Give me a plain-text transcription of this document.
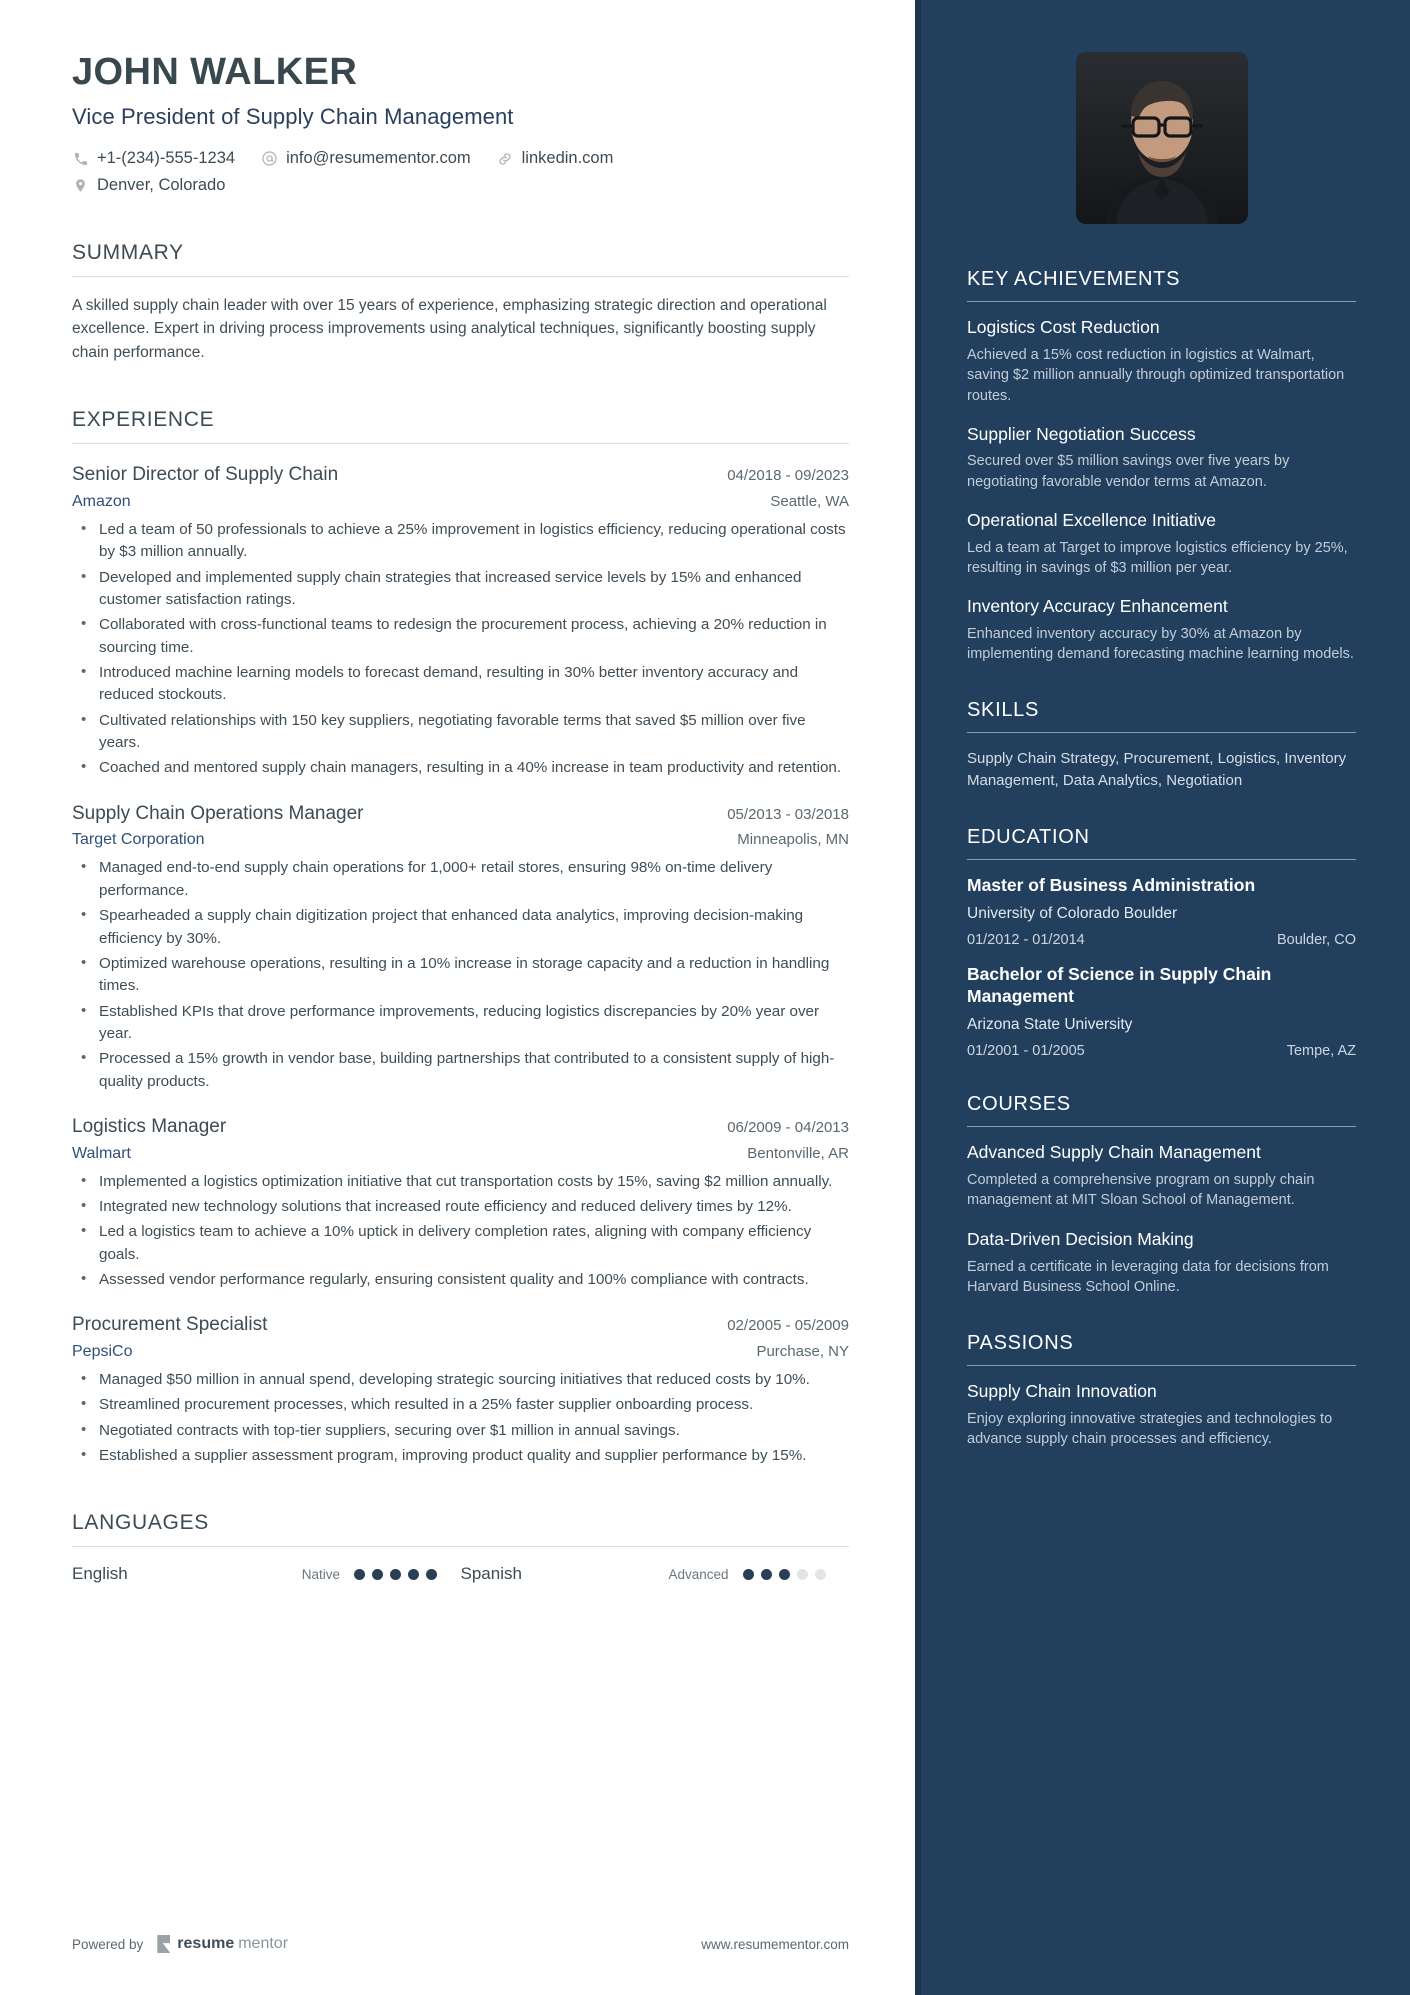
JOHN WALKER
Vice President of Supply Chain Management
+1-(234)-555-1234	info@resumementor.com	linkedin.com
Denver, Colorado
SUMMARY

A skilled supply chain leader with over 15 years of experience, emphasizing strategic direction and operational excellence. Expert in driving process improvements using analytical techniques, significantly boosting supply chain performance.

EXPERIENCE
Senior Director of Supply Chain	04/2018 - 09/2023
Amazon	Seattle, WA
• Led a team of 50 professionals to achieve a 25% improvement in logistics efficiency, reducing operational costs by $3 million annually.
• Developed and implemented supply chain strategies that increased service levels by 15% and enhanced customer satisfaction ratings.
• Collaborated with cross-functional teams to redesign the procurement process, achieving a 20% reduction in sourcing time.
• Introduced machine learning models to forecast demand, resulting in 30% better inventory accuracy and reduced stockouts.
• Cultivated relationships with 150 key suppliers, negotiating favorable terms that saved $5 million over five years.
• Coached and mentored supply chain managers, resulting in a 40% increase in team productivity and retention.
Supply Chain Operations Manager	05/2013 - 03/2018
Target Corporation	Minneapolis, MN
• Managed end-to-end supply chain operations for 1,000+ retail stores, ensuring 98% on-time delivery performance.
• Spearheaded a supply chain digitization project that enhanced data analytics, improving decision-making efficiency by 30%.
• Optimized warehouse operations, resulting in a 10% increase in storage capacity and a reduction in handling times.
• Established KPIs that drove performance improvements, reducing logistics discrepancies by 20% year over year.
• Processed a 15% growth in vendor base, building partnerships that contributed to a consistent supply of high-quality products.
Logistics Manager	06/2009 - 04/2013
Walmart	Bentonville, AR
• Implemented a logistics optimization initiative that cut transportation costs by 15%, saving $2 million annually.
• Integrated new technology solutions that increased route efficiency and reduced delivery times by 12%.
• Led a logistics team to achieve a 10% uptick in delivery completion rates, aligning with company efficiency goals.
• Assessed vendor performance regularly, ensuring consistent quality and 100% compliance with contracts.
Procurement Specialist	02/2005 - 05/2009
PepsiCo	Purchase, NY
• Managed $50 million in annual spend, developing strategic sourcing initiatives that reduced costs by 10%.
• Streamlined procurement processes, which resulted in a 25% faster supplier onboarding process.
• Negotiated contracts with top-tier suppliers, securing over $1 million in annual savings.
• Established a supplier assessment program, improving product quality and supplier performance by 15%.
LANGUAGES
English	Native	Spanish	Advanced
Powered by resume mentor	www.resumementor.com
KEY ACHIEVEMENTS
Logistics Cost Reduction
Achieved a 15% cost reduction in logistics at Walmart, saving $2 million annually through optimized transportation routes.
Supplier Negotiation Success
Secured over $5 million savings over five years by negotiating favorable vendor terms at Amazon.
Operational Excellence Initiative
Led a team at Target to improve logistics efficiency by 25%, resulting in savings of $3 million per year.
Inventory Accuracy Enhancement
Enhanced inventory accuracy by 30% at Amazon by implementing demand forecasting machine learning models.
SKILLS
Supply Chain Strategy, Procurement, Logistics, Inventory Management, Data Analytics, Negotiation
EDUCATION
Master of Business Administration
University of Colorado Boulder
01/2012 - 01/2014	Boulder, CO
Bachelor of Science in Supply Chain Management
Arizona State University
01/2001 - 01/2005	Tempe, AZ
COURSES
Advanced Supply Chain Management
Completed a comprehensive program on supply chain management at MIT Sloan School of Management.
Data-Driven Decision Making
Earned a certificate in leveraging data for decisions from Harvard Business School Online.
PASSIONS
Supply Chain Innovation
Enjoy exploring innovative strategies and technologies to advance supply chain processes and efficiency.
